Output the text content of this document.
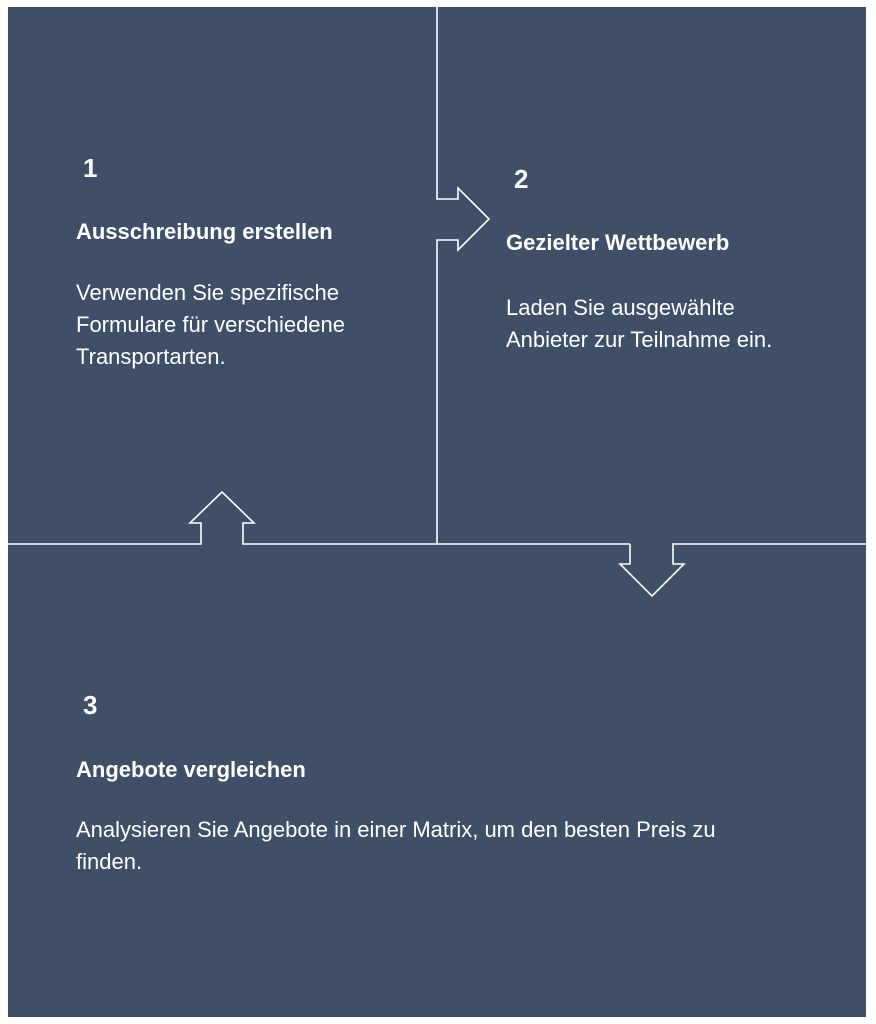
1
Ausschreibung erstellen
Verwenden Sie spezifische Formulare für verschiedene Transportarten.
2
Gezielter Wettbewerb
Laden Sie ausgewählte Anbieter zur Teilnahme ein.
3
Angebote vergleichen
Analysieren Sie Angebote in einer Matrix, um den besten Preis zu finden.
